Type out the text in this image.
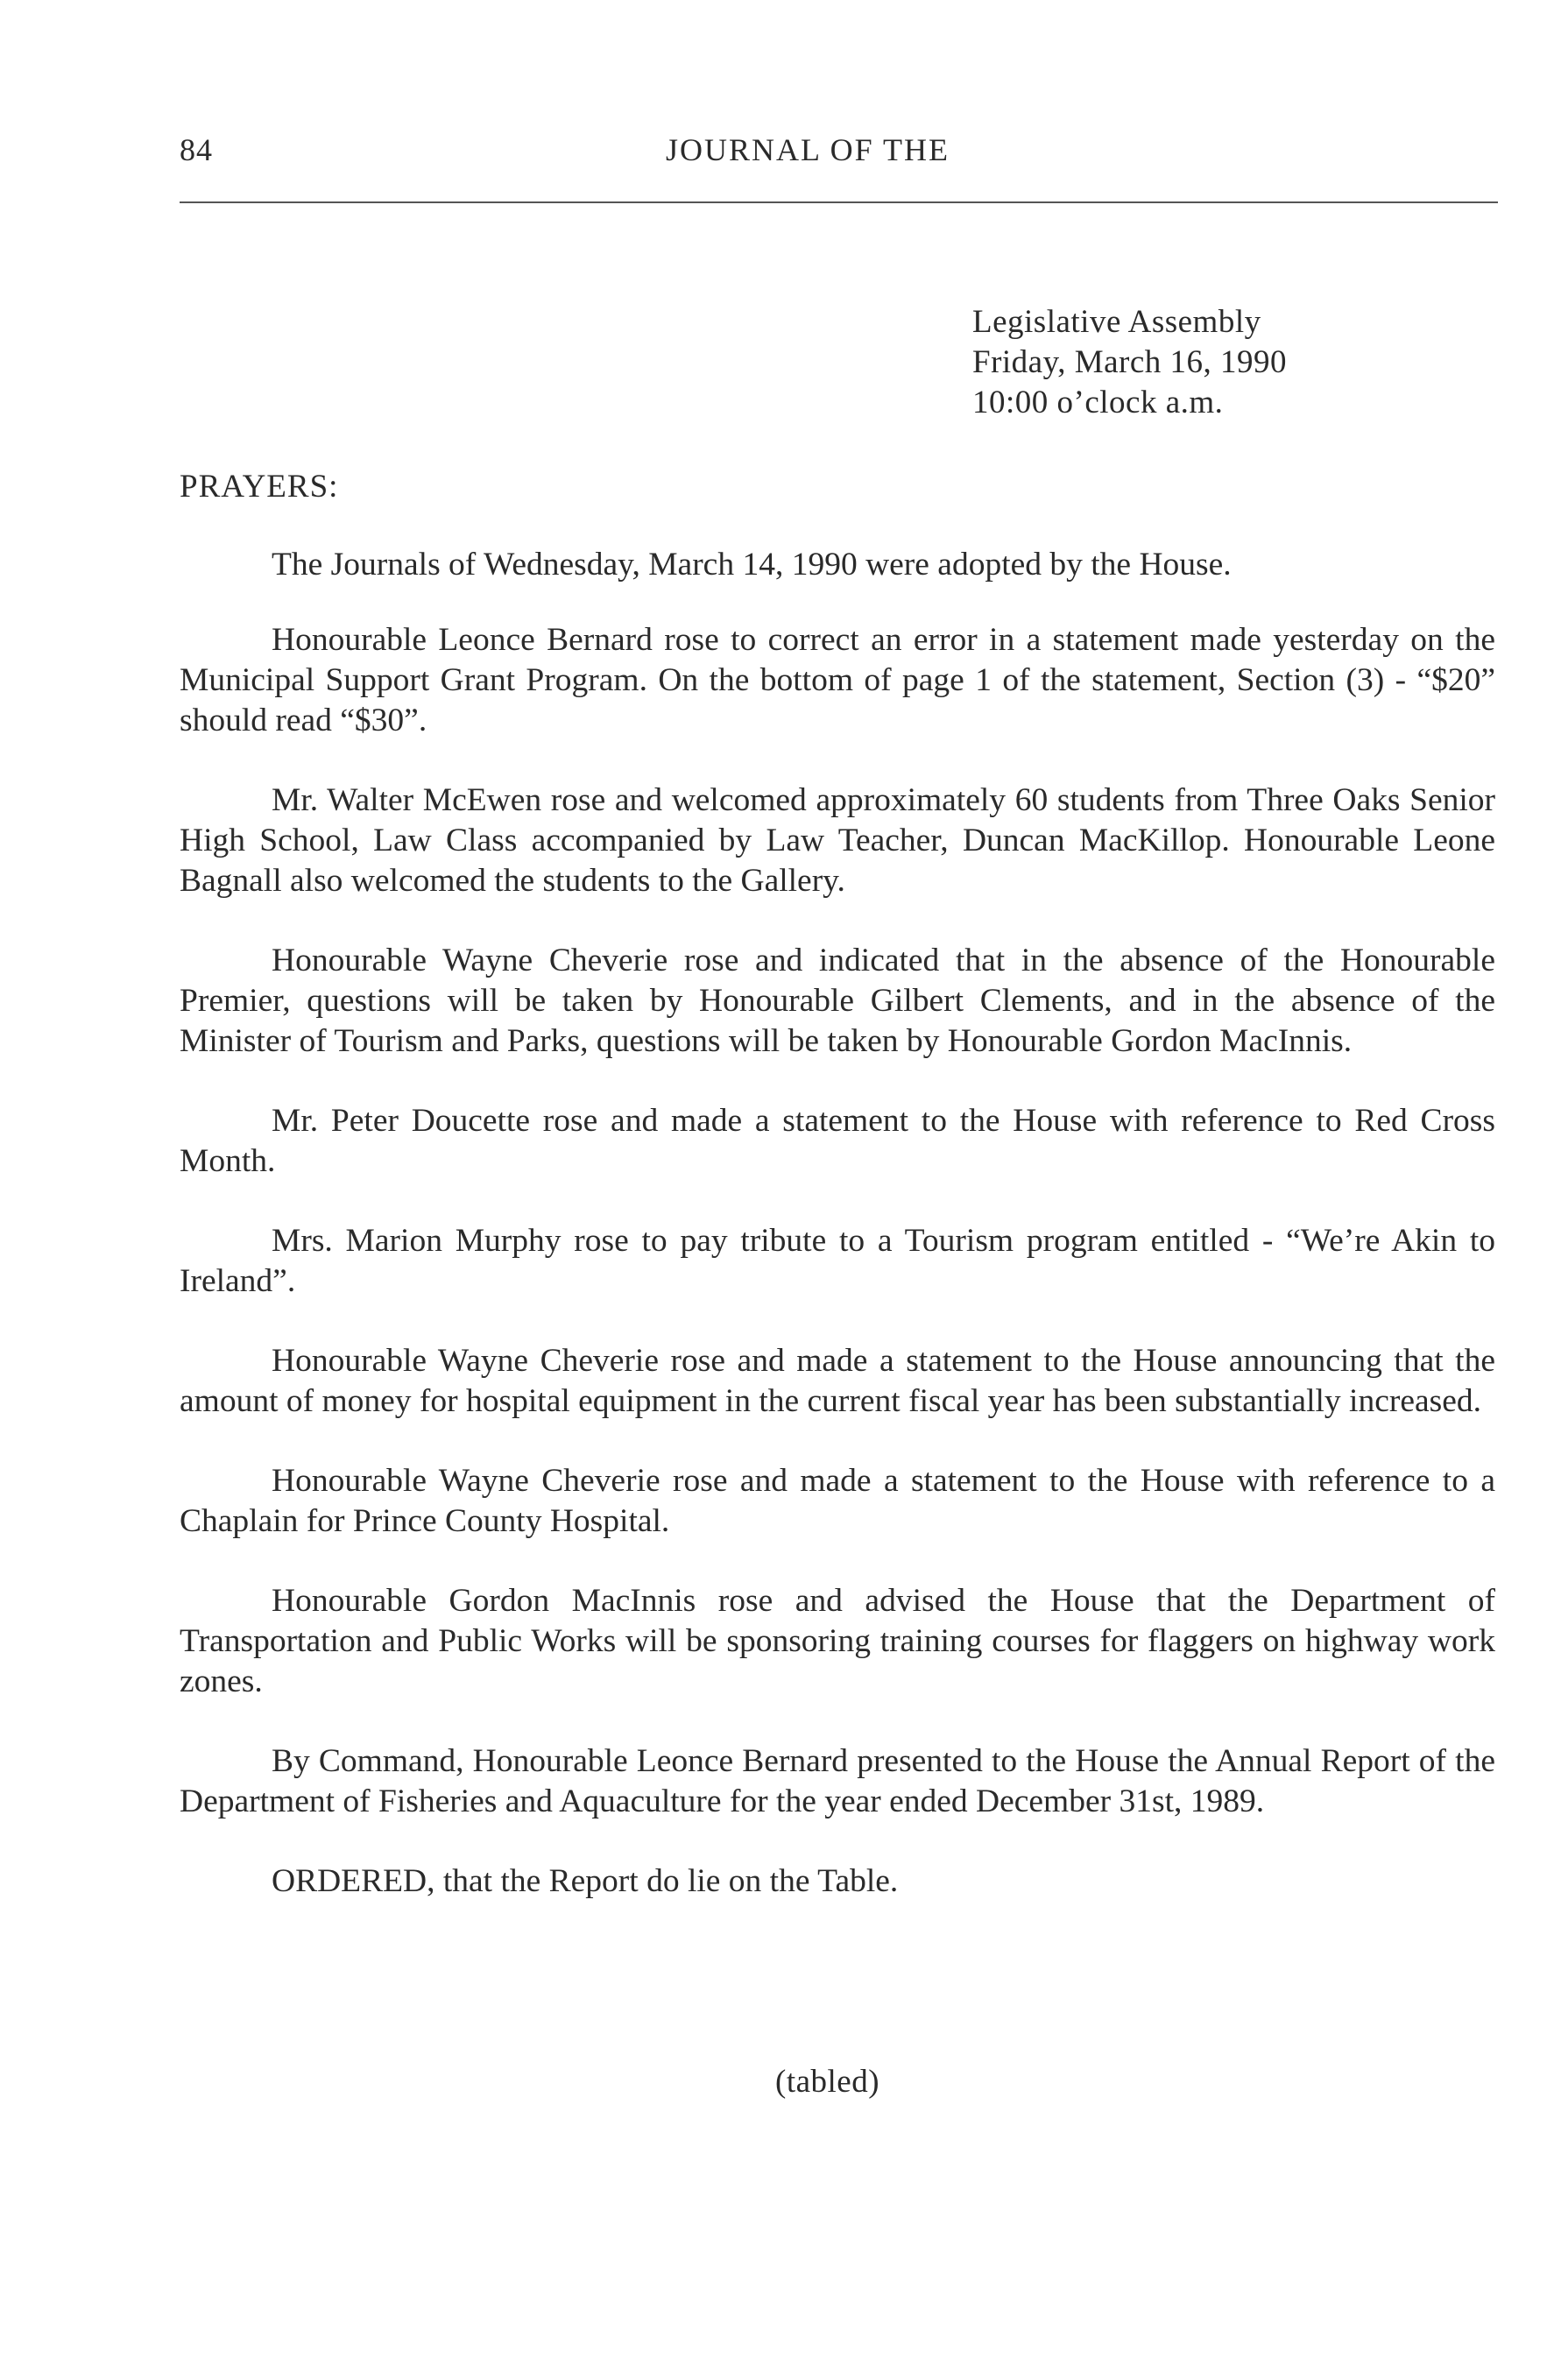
84	JOURNAL OF THE
Legislative Assembly
Friday, March 16, 1990
10:00 o’clock a.m.
PRAYERS:

The Journals of Wednesday, March 14, 1990 were adopted by the House.

Honourable Leonce Bernard rose to correct an error in a statement made yesterday on the Municipal Support Grant Program. On the bottom of page 1 of the statement, Section (3) - “$20” should read “$30”.

Mr. Walter McEwen rose and welcomed approximately 60 students from Three Oaks Senior High School, Law Class accompanied by Law Teacher, Duncan MacKillop. Honourable Leone Bagnall also welcomed the students to the Gallery.

Honourable Wayne Cheverie rose and indicated that in the absence of the Honourable Premier, questions will be taken by Honourable Gilbert Clements, and in the absence of the Minister of Tourism and Parks, questions will be taken by Honourable Gordon MacInnis.

Mr. Peter Doucette rose and made a statement to the House with reference to Red Cross Month.

Mrs. Marion Murphy rose to pay tribute to a Tourism program entitled - “We’re Akin to Ireland”.

Honourable Wayne Cheverie rose and made a statement to the House announcing that the amount of money for hospital equipment in the current fiscal year has been substantially increased.

Honourable Wayne Cheverie rose and made a statement to the House with reference to a Chaplain for Prince County Hospital.

Honourable Gordon MacInnis rose and advised the House that the Department of Transportation and Public Works will be sponsoring training courses for flaggers on highway work zones.

By Command, Honourable Leonce Bernard presented to the House the Annual Report of the Department of Fisheries and Aquaculture for the year ended December 31st, 1989.

ORDERED, that the Report do lie on the Table.

(tabled)
